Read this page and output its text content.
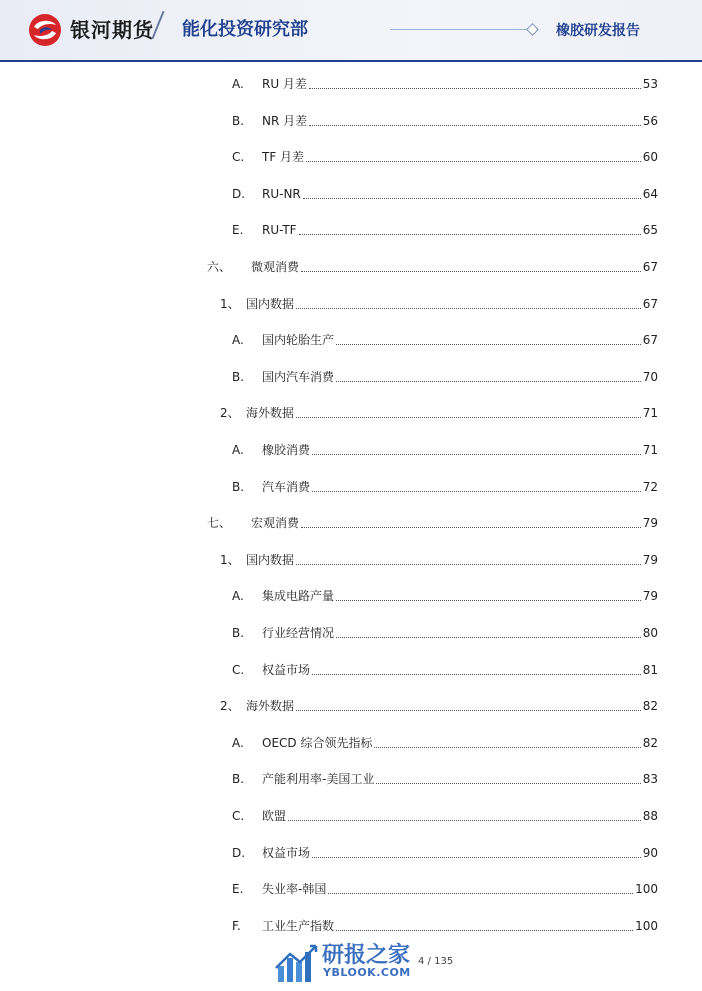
银河期货 能化投资研究部	橡胶研发报告
A.	RU 月差	53
B.	NR 月差	56
C.	TF 月差	60
D.	RU-NR	64
E.	RU-TF	65
六、	微观消费	67
1、 国内数据	67
A.	国内轮胎生产	67
B.	国内汽车消费	70
2、 海外数据	71
A.	橡胶消费	71
B.	汽车消费	72
七、	宏观消费	79
1、 国内数据	79
A.	集成电路产量	79
B.	行业经营情况	80
C.	权益市场	81
2、 海外数据	82
A.	OECD 综合领先指标	82
B.	产能利用率-美国工业	83
C.	欧盟	88
D.	权益市场	90
E.	失业率-韩国	100
F.	工业生产指数	100
研报之家
YBLOOK.COM
4 / 135
